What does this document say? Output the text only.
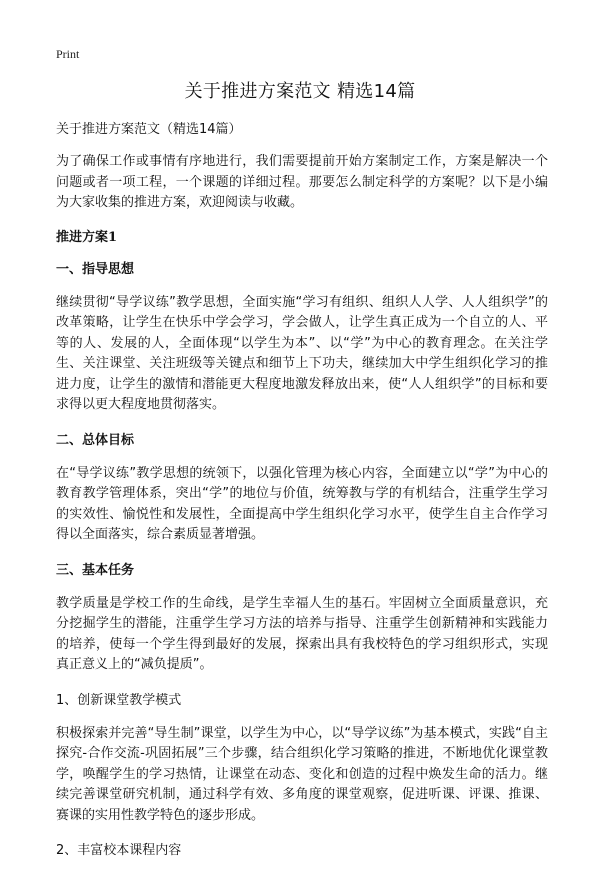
Print
关于推进方案范文 精选14篇

关于推进方案范文（精选14篇）

为了确保工作或事情有序地进行，我们需要提前开始方案制定工作，方案是解决一个问题或者一项工程，一个课题的详细过程。那要怎么制定科学的方案呢？以下是小编为大家收集的推进方案，欢迎阅读与收藏。

推进方案1

一、指导思想

继续贯彻“导学议练”教学思想，全面实施“学习有组织、组织人人学、人人组织学”的改革策略，让学生在快乐中学会学习，学会做人，让学生真正成为一个自立的人、平等的人、发展的人，全面体现“以学生为本”、以“学”为中心的教育理念。在关注学生、关注课堂、关注班级等关键点和细节上下功夫，继续加大中学生组织化学习的推进力度，让学生的激情和潜能更大程度地激发释放出来，使“人人组织学”的目标和要求得以更大程度地贯彻落实。

二、总体目标

在“导学议练”教学思想的统领下，以强化管理为核心内容，全面建立以“学”为中心的教育教学管理体系，突出“学”的地位与价值，统筹教与学的有机结合，注重学生学习的实效性、愉悦性和发展性，全面提高中学生组织化学习水平，使学生自主合作学习得以全面落实，综合素质显著增强。

三、基本任务

教学质量是学校工作的生命线，是学生幸福人生的基石。牢固树立全面质量意识，充分挖掘学生的潜能，注重学生学习方法的培养与指导、注重学生创新精神和实践能力的培养，使每一个学生得到最好的发展，探索出具有我校特色的学习组织形式，实现真正意义上的“减负提质”。

1、创新课堂教学模式

积极探索并完善“导生制”课堂，以学生为中心，以“导学议练”为基本模式，实践“自主探究-合作交流-巩固拓展”三个步骤，结合组织化学习策略的推进，不断地优化课堂教学，唤醒学生的学习热情，让课堂在动态、变化和创造的过程中焕发生命的活力。继续完善课堂研究机制，通过科学有效、多角度的课堂观察，促进听课、评课、推课、赛课的实用性教学特色的逐步形成。

2、丰富校本课程内容
